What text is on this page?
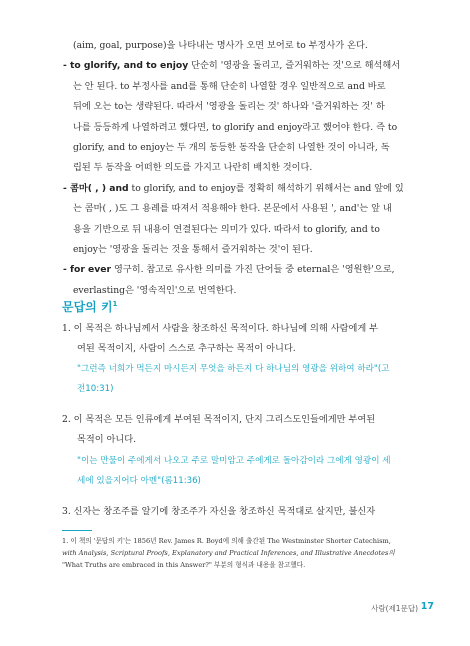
(aim, goal, purpose)을 나타내는 명사가 오면 보어로 to 부정사가 온다.
- to glorify, and to enjoy 단순히 '영광을 돌리고, 즐거워하는 것'으로 해석해서
는 안 된다. to 부정사를 and를 통해 단순히 나열할 경우 일반적으로 and 바로
뒤에 오는 to는 생략된다. 따라서 '영광을 돌리는 것' 하나와 '즐거워하는 것' 하
나를 등등하게 나열하려고 했다면, to glorify and enjoy라고 했어야 한다. 즉 to
glorify, and to enjoy는 두 개의 동등한 동작을 단순히 나열한 것이 아니라, 독
립된 두 동작을 어떠한 의도를 가지고 나란히 배치한 것이다.
- 콤마( , ) and to glorify, and to enjoy를 정확히 해석하기 위해서는 and 앞에 있
는 콤마( , )도 그 용례를 따져서 적용해야 한다. 본문에서 사용된 ', and'는 앞 내
용을 기반으로 뒤 내용이 연결된다는 의미가 있다. 따라서 to glorify, and to
enjoy는 '영광을 돌리는 것을 통해서 즐거워하는 것'이 된다.
- for ever 영구히. 참고로 유사한 의미를 가진 단어들 중 eternal은 '영원한'으로,
everlasting은 '영속적인'으로 번역한다.
문답의 키$^1$
1. 이 목적은 하나님께서 사람을 창조하신 목적이다. 하나님에 의해 사람에게 부
여된 목적이지, 사람이 스스로 추구하는 목적이 아니다.
"그런즉 너희가 먹든지 마시든지 무엇을 하든지 다 하나님의 영광을 위하여 하라"(고
전10:31)
2. 이 목적은 모든 인류에게 부여된 목적이지, 단지 그리스도인들에게만 부여된
목적이 아니다.
"이는 만물이 주에게서 나오고 주로 말미암고 주에게로 돌아감이라 그에게 영광이 세
세에 있을지어다 아멘"(롬11:36)
3. 신자는 창조주를 알기에 창조주가 자신을 창조하신 목적대로 살지만, 불신자
1. 이 책의 '문답의 키'는 1856년 Rev. James R. Boyd에 의해 출간된 The Westminster Shorter Catechism,
with Analysis, Scriptural Proofs, Explanatory and Practical Inferences, and Illustrative Anecdotes의
"What Truths are embraced in this Answer?" 부분의 형식과 내용을 참고했다.
사람(제1문답) 17
